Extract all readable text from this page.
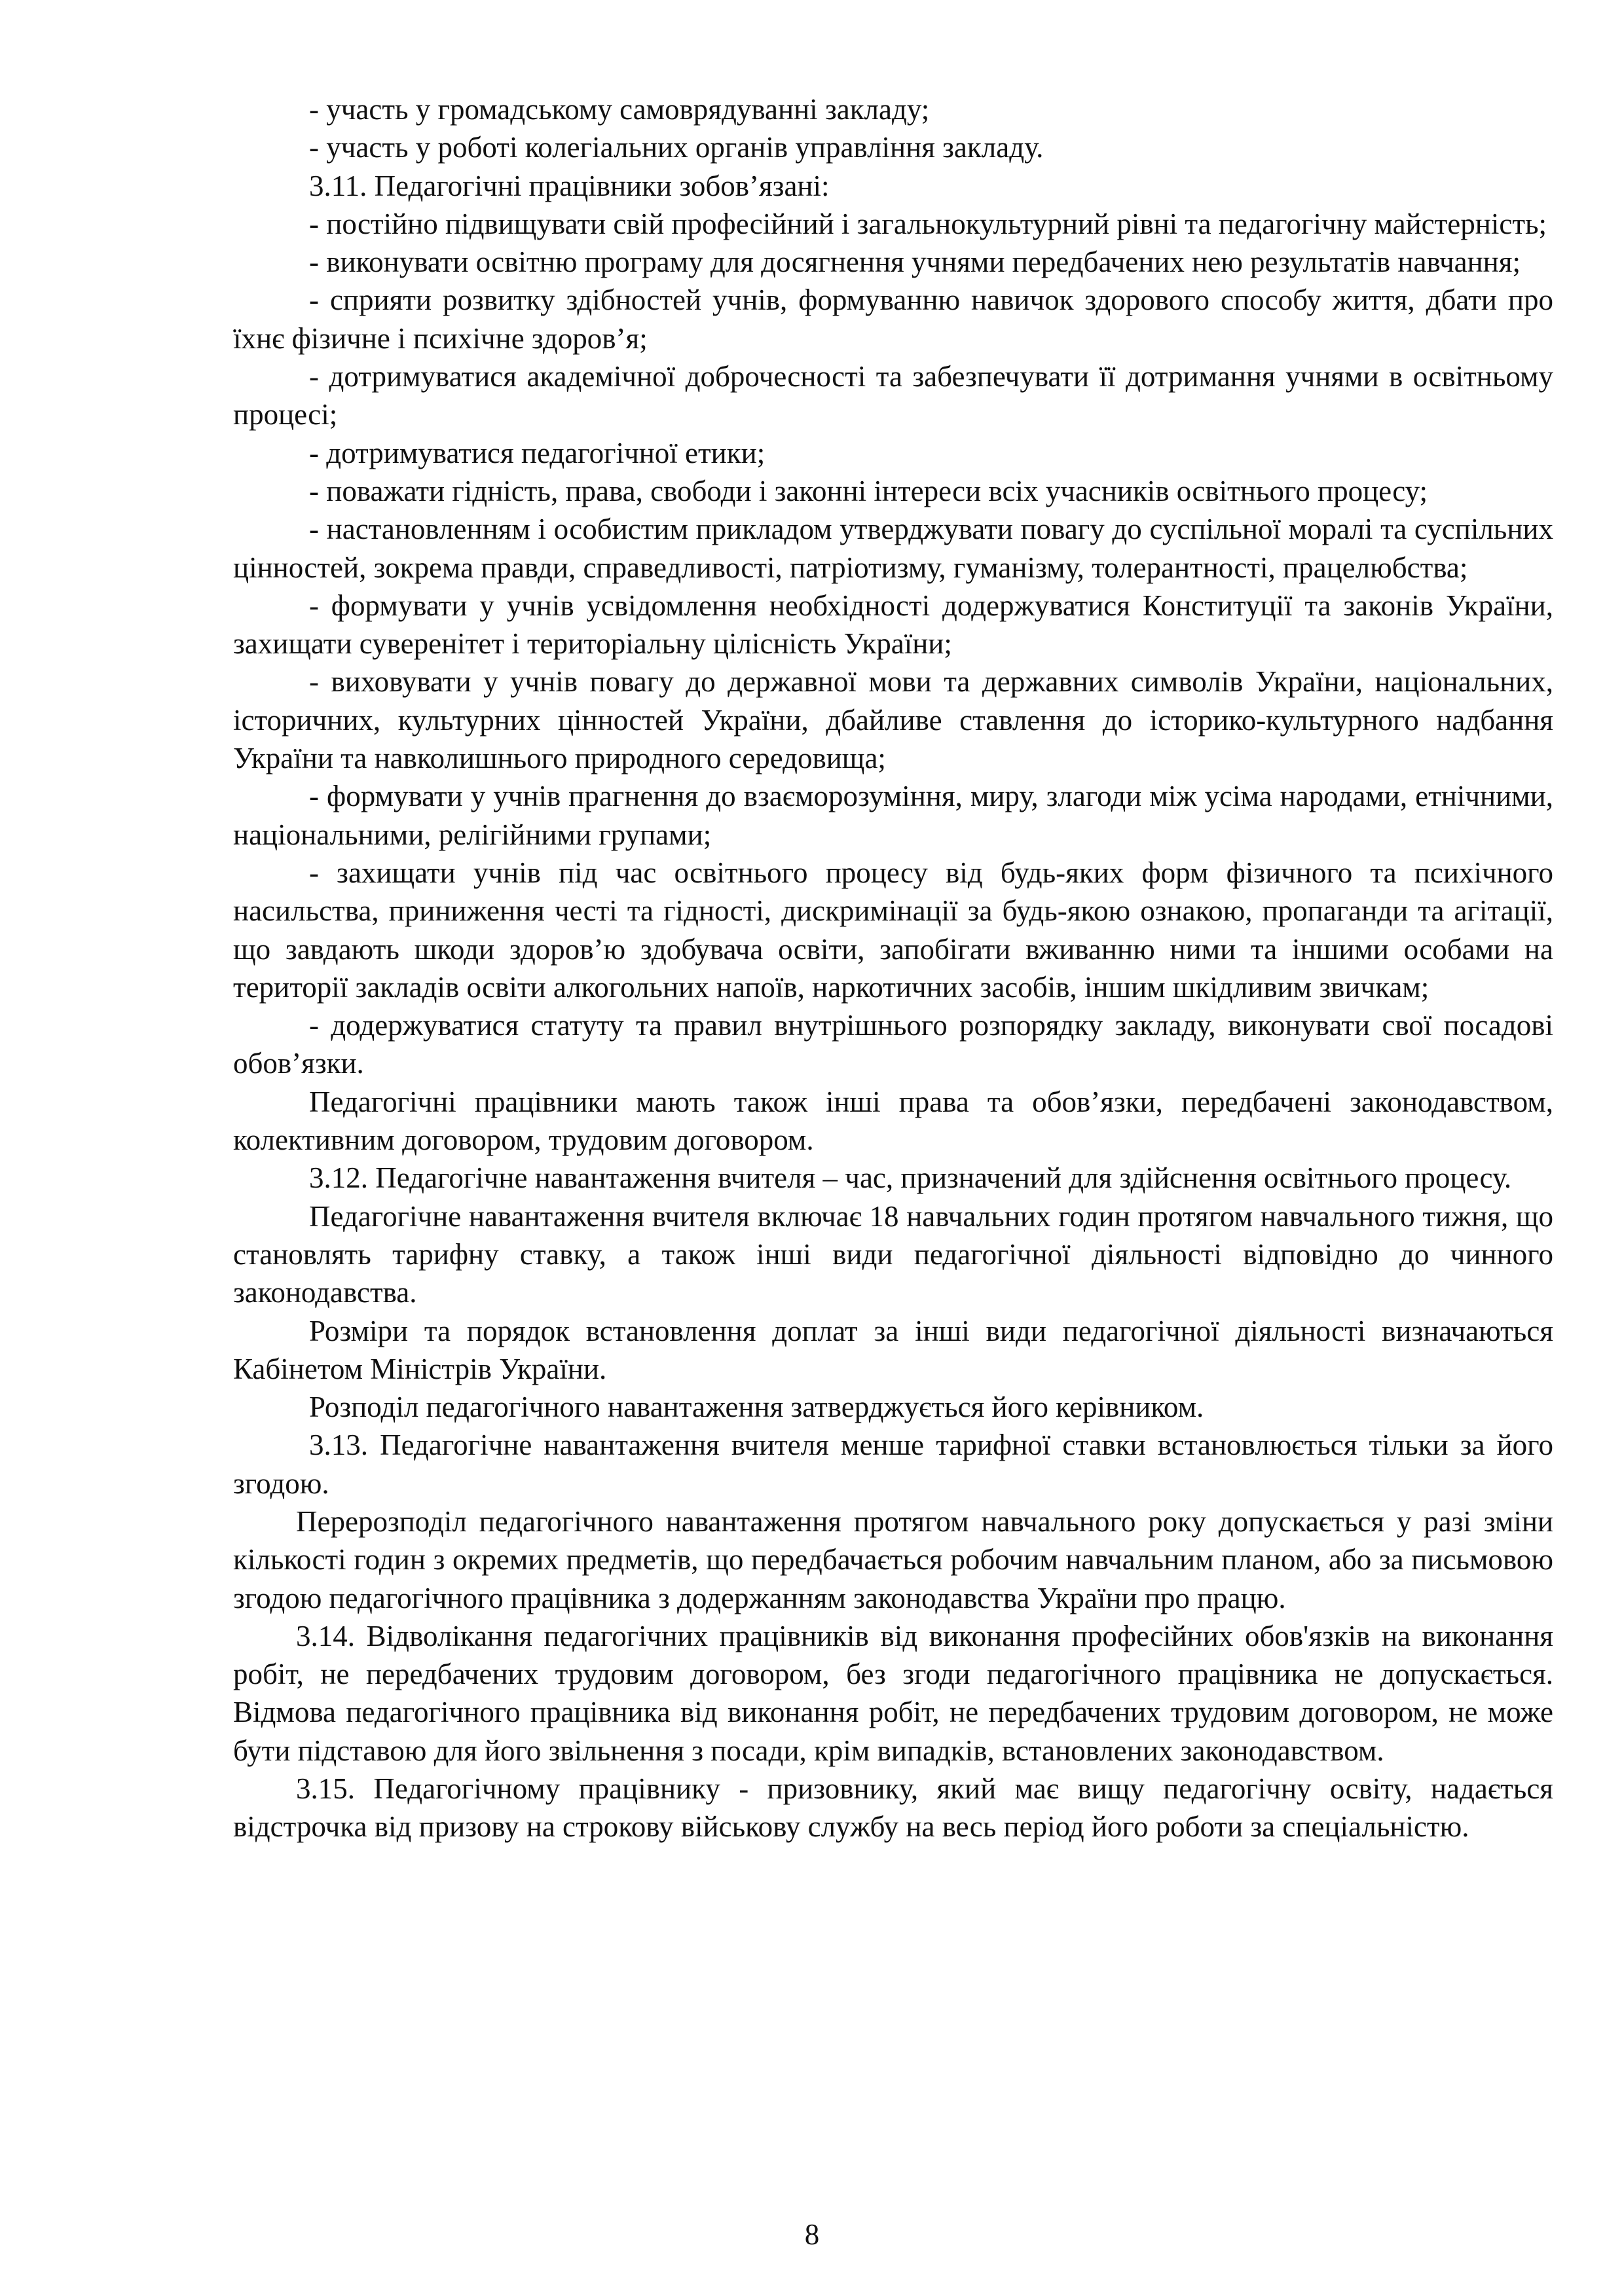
- участь у громадському самоврядуванні закладу;

- участь у роботі колегіальних органів управління закладу.

3.11. Педагогічні працівники зобов’язані:

- постійно підвищувати свій професійний і загальнокультурний рівні та педагогічну майстерність;

- виконувати освітню програму для досягнення учнями передбачених нею результатів навчання;

- сприяти розвитку здібностей учнів, формуванню навичок здорового способу життя, дбати про їхнє фізичне і психічне здоров’я;

- дотримуватися академічної доброчесності та забезпечувати її дотримання учнями в освітньому процесі;

- дотримуватися педагогічної етики;

- поважати гідність, права, свободи і законні інтереси всіх учасників освітнього процесу;

- настановленням і особистим прикладом утверджувати повагу до суспільної моралі та суспільних цінностей, зокрема правди, справедливості, патріотизму, гуманізму, толерантності, працелюбства;

- формувати у учнів усвідомлення необхідності додержуватися Конституції та законів України, захищати суверенітет і територіальну цілісність України;

- виховувати у учнів повагу до державної мови та державних символів України, національних, історичних, культурних цінностей України, дбайливе ставлення до історико-культурного надбання України та навколишнього природного середовища;

- формувати у учнів прагнення до взаєморозуміння, миру, злагоди між усіма народами, етнічними, національними, релігійними групами;

- захищати учнів під час освітнього процесу від будь-яких форм фізичного та психічного насильства, приниження честі та гідності, дискримінації за будь-якою ознакою, пропаганди та агітації, що завдають шкоди здоров’ю здобувача освіти, запобігати вживанню ними та іншими особами на території закладів освіти алкогольних напоїв, наркотичних засобів, іншим шкідливим звичкам;

- додержуватися статуту та правил внутрішнього розпорядку закладу, виконувати свої посадові обов’язки.

Педагогічні працівники мають також інші права та обов’язки, передбачені законодавством, колективним договором, трудовим договором.

3.12. Педагогічне навантаження вчителя – час, призначений для здійснення освітнього процесу.

Педагогічне навантаження вчителя включає 18 навчальних годин протягом навчального тижня, що становлять тарифну ставку, а також інші види педагогічної діяльності відповідно до чинного законодавства.

Розміри та порядок встановлення доплат за інші види педагогічної діяльності визначаються Кабінетом Міністрів України.

Розподіл педагогічного навантаження затверджується його керівником.

3.13. Педагогічне навантаження вчителя менше тарифної ставки встановлюється тільки за його згодою.

Перерозподіл педагогічного навантаження протягом навчального року допускається у разі зміни кількості годин з окремих предметів, що передбачається робочим навчальним планом, або за письмовою згодою педагогічного працівника з додержанням законодавства України про працю.

3.14. Відволікання педагогічних працівників від виконання професійних обов'язків на виконання робіт, не передбачених трудовим договором, без згоди педагогічного працівника не допускається. Відмова педагогічного працівника від виконання робіт, не передбачених трудовим договором, не може бути підставою для його звільнення з посади, крім випадків, встановлених законодавством.

3.15. Педагогічному працівнику - призовнику, який має вищу педагогічну освіту, надається відстрочка від призову на строкову військову службу на весь період його роботи за спеціальністю.

8
